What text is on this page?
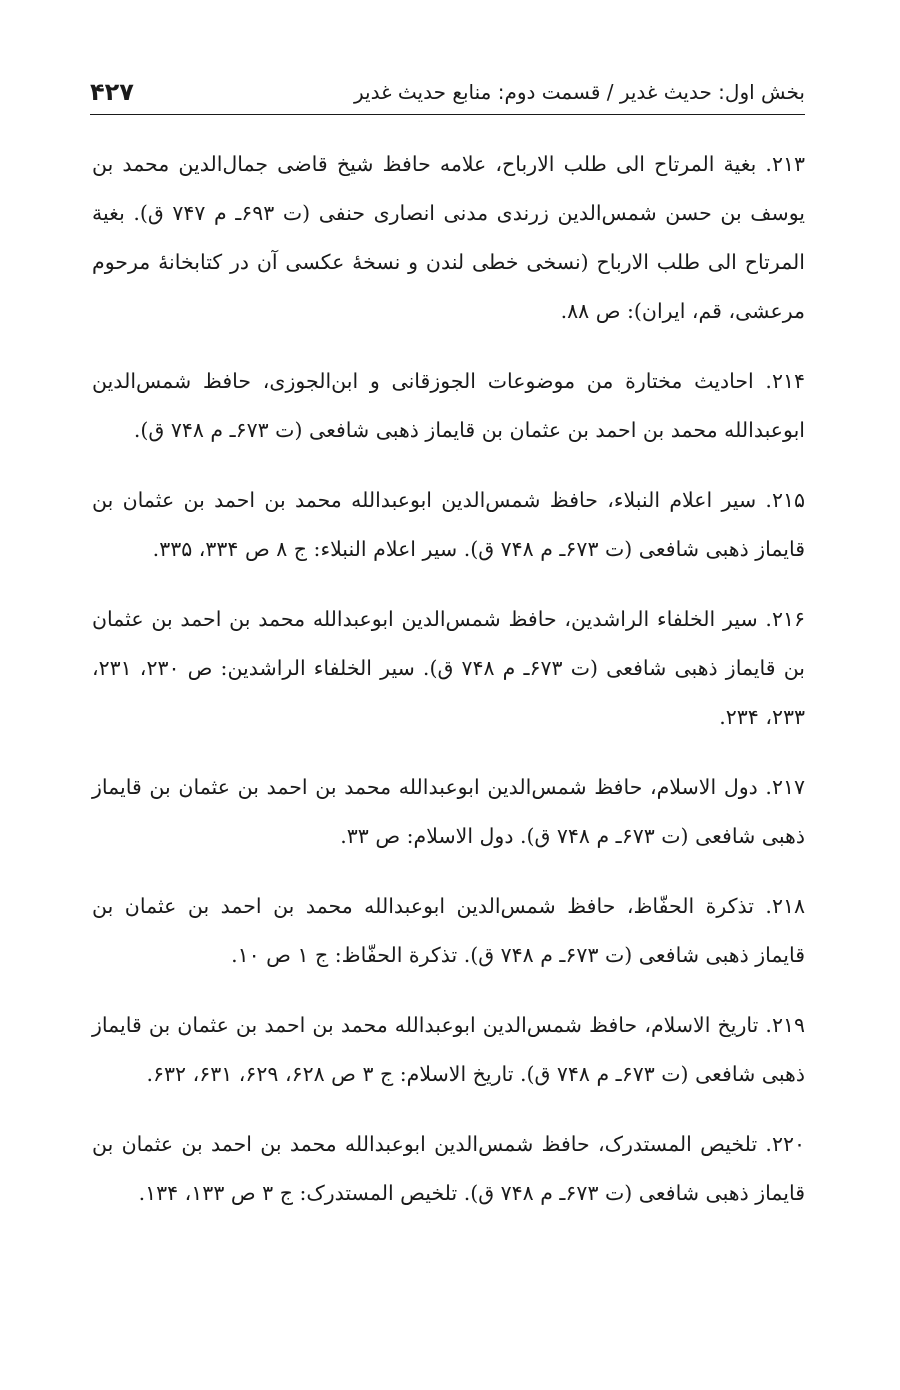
بخش اول: حدیث غدیر / قسمت دوم: منابع حدیث غدیر
۴۲۷

۲۱۳. بغیة المرتاح الی طلب الارباح، علامه حافظ شیخ قاضی جمال‌الدین محمد بن یوسف بن حسن شمس‌الدین زرندی مدنی انصاری حنفی (ت ۶۹۳ـ م ۷۴۷ ق). بغیة المرتاح الی طلب الارباح (نسخی خطی لندن و نسخهٔ عکسی آن در کتابخانهٔ مرحوم مرعشی، قم، ایران): ص ۸۸.

۲۱۴. احادیث مختارة من موضوعات الجوزقانی و ابن‌الجوزی، حافظ شمس‌الدین ابوعبدالله محمد بن احمد بن عثمان بن قایماز ذهبی شافعی (ت ۶۷۳ـ م ۷۴۸ ق).

۲۱۵. سیر اعلام النبلاء، حافظ شمس‌الدین ابوعبدالله محمد بن احمد بن عثمان بن قایماز ذهبی شافعی (ت ۶۷۳ـ م ۷۴۸ ق). سیر اعلام النبلاء: ج ۸ ص ۳۳۴، ۳۳۵.

۲۱۶. سیر الخلفاء الراشدین، حافظ شمس‌الدین ابوعبدالله محمد بن احمد بن عثمان بن قایماز ذهبی شافعی (ت ۶۷۳ـ م ۷۴۸ ق). سیر الخلفاء الراشدین: ص ۲۳۰، ۲۳۱، ۲۳۳، ۲۳۴.

۲۱۷. دول الاسلام، حافظ شمس‌الدین ابوعبدالله محمد بن احمد بن عثمان بن قایماز ذهبی شافعی (ت ۶۷۳ـ م ۷۴۸ ق). دول الاسلام: ص ۳۳.

۲۱۸. تذکرة الحفّاظ، حافظ شمس‌الدین ابوعبدالله محمد بن احمد بن عثمان بن قایماز ذهبی شافعی (ت ۶۷۳ـ م ۷۴۸ ق). تذکرة الحفّاظ: ج ۱ ص ۱۰.

۲۱۹. تاریخ الاسلام، حافظ شمس‌الدین ابوعبدالله محمد بن احمد بن عثمان بن قایماز ذهبی شافعی (ت ۶۷۳ـ م ۷۴۸ ق). تاریخ الاسلام: ج ۳ ص ۶۲۸، ۶۲۹، ۶۳۱، ۶۳۲.

۲۲۰. تلخیص المستدرک، حافظ شمس‌الدین ابوعبدالله محمد بن احمد بن عثمان بن قایماز ذهبی شافعی (ت ۶۷۳ـ م ۷۴۸ ق). تلخیص المستدرک: ج ۳ ص ۱۳۳، ۱۳۴.
